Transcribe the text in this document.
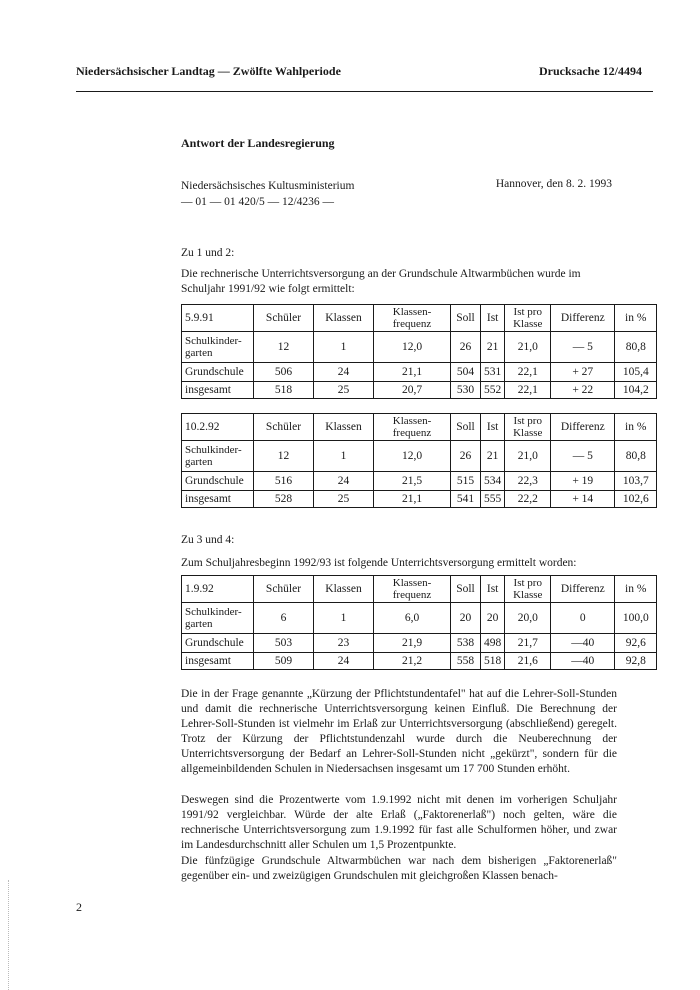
Niedersächsischer Landtag — Zwölfte Wahlperiode	Drucksache 12/4494
Antwort der Landesregierung
Niedersächsisches Kultusministerium
— 01 — 01 420/5 — 12/4236 —
Hannover, den 8. 2. 1993
Zu 1 und 2:
Die rechnerische Unterrichtsversorgung an der Grundschule Altwarmbüchen wurde im Schuljahr 1991/92 wie folgt ermittelt:
5.9.91	Schüler	Klassen	Klassen-frequenz	Soll	Ist	Ist pro Klasse	Differenz	in %
Schulkinder-garten	12	1	12,0	26	21	21,0	— 5	80,8
Grundschule	506	24	21,1	504	531	22,1	+ 27	105,4
insgesamt	518	25	20,7	530	552	22,1	+ 22	104,2
10.2.92	Schüler	Klassen	Klassen-frequenz	Soll	Ist	Ist pro Klasse	Differenz	in %
Schulkinder-garten	12	1	12,0	26	21	21,0	— 5	80,8
Grundschule	516	24	21,5	515	534	22,3	+ 19	103,7
insgesamt	528	25	21,1	541	555	22,2	+ 14	102,6
Zu 3 und 4:
Zum Schuljahresbeginn 1992/93 ist folgende Unterrichtsversorgung ermittelt worden:
1.9.92	Schüler	Klassen	Klassen-frequenz	Soll	Ist	Ist pro Klasse	Differenz	in %
Schulkinder-garten	6	1	6,0	20	20	20,0	0	100,0
Grundschule	503	23	21,9	538	498	21,7	—40	92,6
insgesamt	509	24	21,2	558	518	21,6	—40	92,8

Die in der Frage genannte „Kürzung der Pflichtstundentafel" hat auf die Lehrer-Soll-Stunden und damit die rechnerische Unterrichtsversorgung keinen Einfluß. Die Berechnung der Lehrer-Soll-Stunden ist vielmehr im Erlaß zur Unterrichtsversorgung (abschließend) geregelt. Trotz der Kürzung der Pflichtstundenzahl wurde durch die Neuberechnung der Unterrichtsversorgung der Bedarf an Lehrer-Soll-Stunden nicht „gekürzt", sondern für die allgemeinbildenden Schulen in Niedersachsen insgesamt um 17 700 Stunden erhöht.

Deswegen sind die Prozentwerte vom 1.9.1992 nicht mit denen im vorherigen Schuljahr 1991/92 vergleichbar. Würde der alte Erlaß („Faktorenerlaß") noch gelten, wäre die rechnerische Unterrichtsversorgung zum 1.9.1992 für fast alle Schulformen höher, und zwar im Landesdurchschnitt aller Schulen um 1,5 Prozentpunkte.

Die fünfzügige Grundschule Altwarmbüchen war nach dem bisherigen „Faktorenerlaß" gegenüber ein- und zweizügigen Grundschulen mit gleichgroßen Klassen benach-

2
